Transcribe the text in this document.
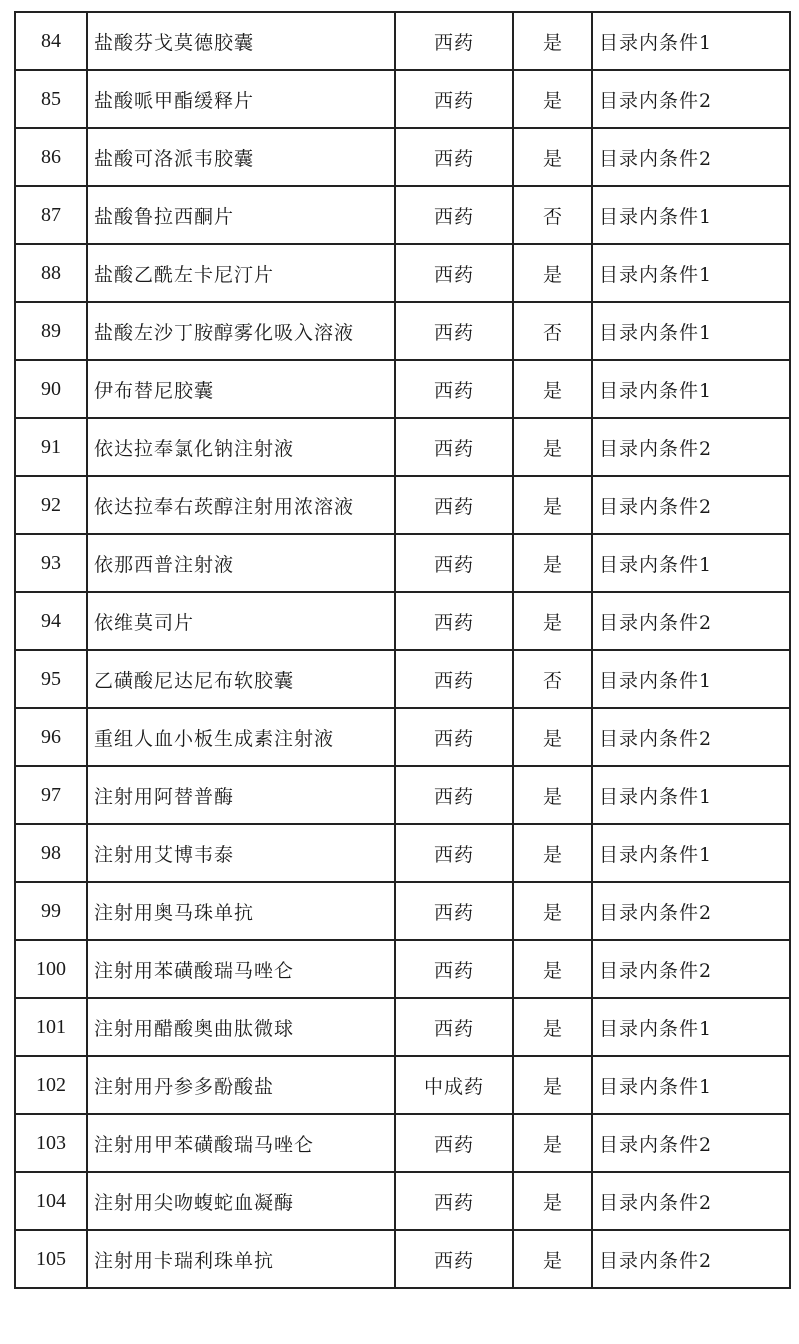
84	盐酸芬戈莫德胶囊	西药	是	目录内条件1
85	盐酸哌甲酯缓释片	西药	是	目录内条件2
86	盐酸可洛派韦胶囊	西药	是	目录内条件2
87	盐酸鲁拉西酮片	西药	否	目录内条件1
88	盐酸乙酰左卡尼汀片	西药	是	目录内条件1
89	盐酸左沙丁胺醇雾化吸入溶液	西药	否	目录内条件1
90	伊布替尼胶囊	西药	是	目录内条件1
91	依达拉奉氯化钠注射液	西药	是	目录内条件2
92	依达拉奉右莰醇注射用浓溶液	西药	是	目录内条件2
93	依那西普注射液	西药	是	目录内条件1
94	依维莫司片	西药	是	目录内条件2
95	乙磺酸尼达尼布软胶囊	西药	否	目录内条件1
96	重组人血小板生成素注射液	西药	是	目录内条件2
97	注射用阿替普酶	西药	是	目录内条件1
98	注射用艾博韦泰	西药	是	目录内条件1
99	注射用奥马珠单抗	西药	是	目录内条件2
100	注射用苯磺酸瑞马唑仑	西药	是	目录内条件2
101	注射用醋酸奥曲肽微球	西药	是	目录内条件1
102	注射用丹参多酚酸盐	中成药	是	目录内条件1
103	注射用甲苯磺酸瑞马唑仑	西药	是	目录内条件2
104	注射用尖吻蝮蛇血凝酶	西药	是	目录内条件2
105	注射用卡瑞利珠单抗	西药	是	目录内条件2
